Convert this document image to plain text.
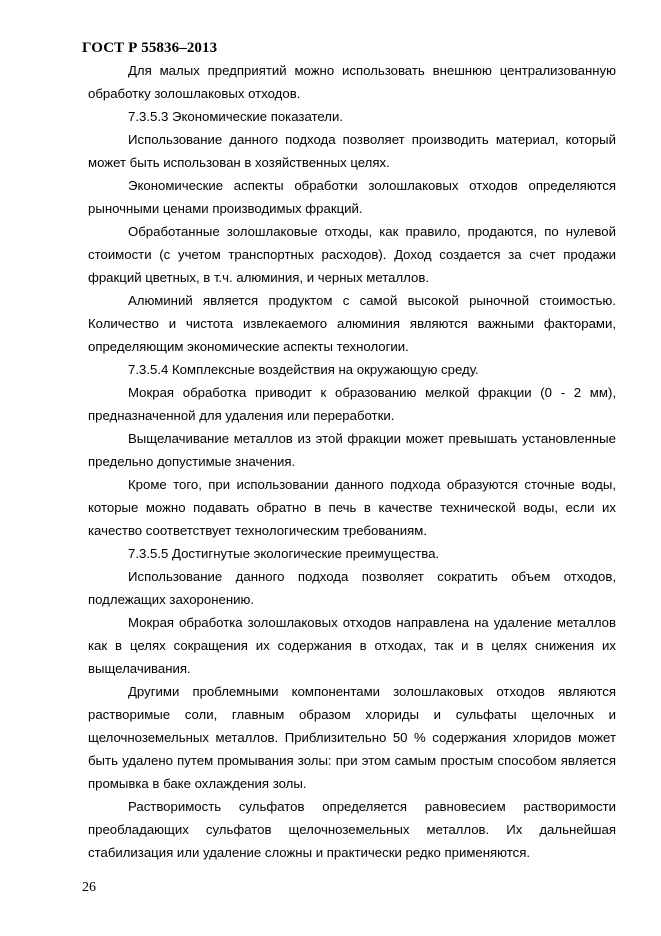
ГОСТ Р 55836–2013

Для малых предприятий можно использовать внешнюю централизованную обработку золошлаковых отходов.

7.3.5.3 Экономические показатели.

Использование данного подхода позволяет производить материал, который может быть использован в хозяйственных целях.

Экономические аспекты обработки золошлаковых отходов определяются рыночными ценами производимых фракций.

Обработанные золошлаковые отходы, как правило, продаются, по нулевой стоимости (с учетом транспортных расходов). Доход создается за счет продажи фракций цветных, в т.ч. алюминия, и черных металлов.

Алюминий является продуктом с самой высокой рыночной стоимостью. Количество и чистота извлекаемого алюминия являются важными факторами, определяющим экономические аспекты технологии.

7.3.5.4 Комплексные воздействия на окружающую среду.

Мокрая обработка приводит к образованию мелкой фракции (0 - 2 мм), предназначенной для удаления или переработки.

Выщелачивание металлов из этой фракции может превышать установленные предельно допустимые значения.

Кроме того, при использовании данного подхода образуются сточные воды, которые можно подавать обратно в печь в качестве технической воды, если их качество соответствует технологическим требованиям.

7.3.5.5 Достигнутые экологические преимущества.

Использование данного подхода позволяет сократить объем отходов, подлежащих захоронению.

Мокрая обработка золошлаковых отходов направлена на удаление металлов как в целях сокращения их содержания в отходах, так и в целях снижения их выщелачивания.

Другими проблемными компонентами золошлаковых отходов являются растворимые соли, главным образом хлориды и сульфаты щелочных и щелочноземельных металлов. Приблизительно 50 % содержания хлоридов может быть удалено путем промывания золы: при этом самым простым способом является промывка в баке охлаждения золы.

Растворимость сульфатов определяется равновесием растворимости преобладающих сульфатов щелочноземельных металлов. Их дальнейшая стабилизация или удаление сложны и практически редко применяются.

26
